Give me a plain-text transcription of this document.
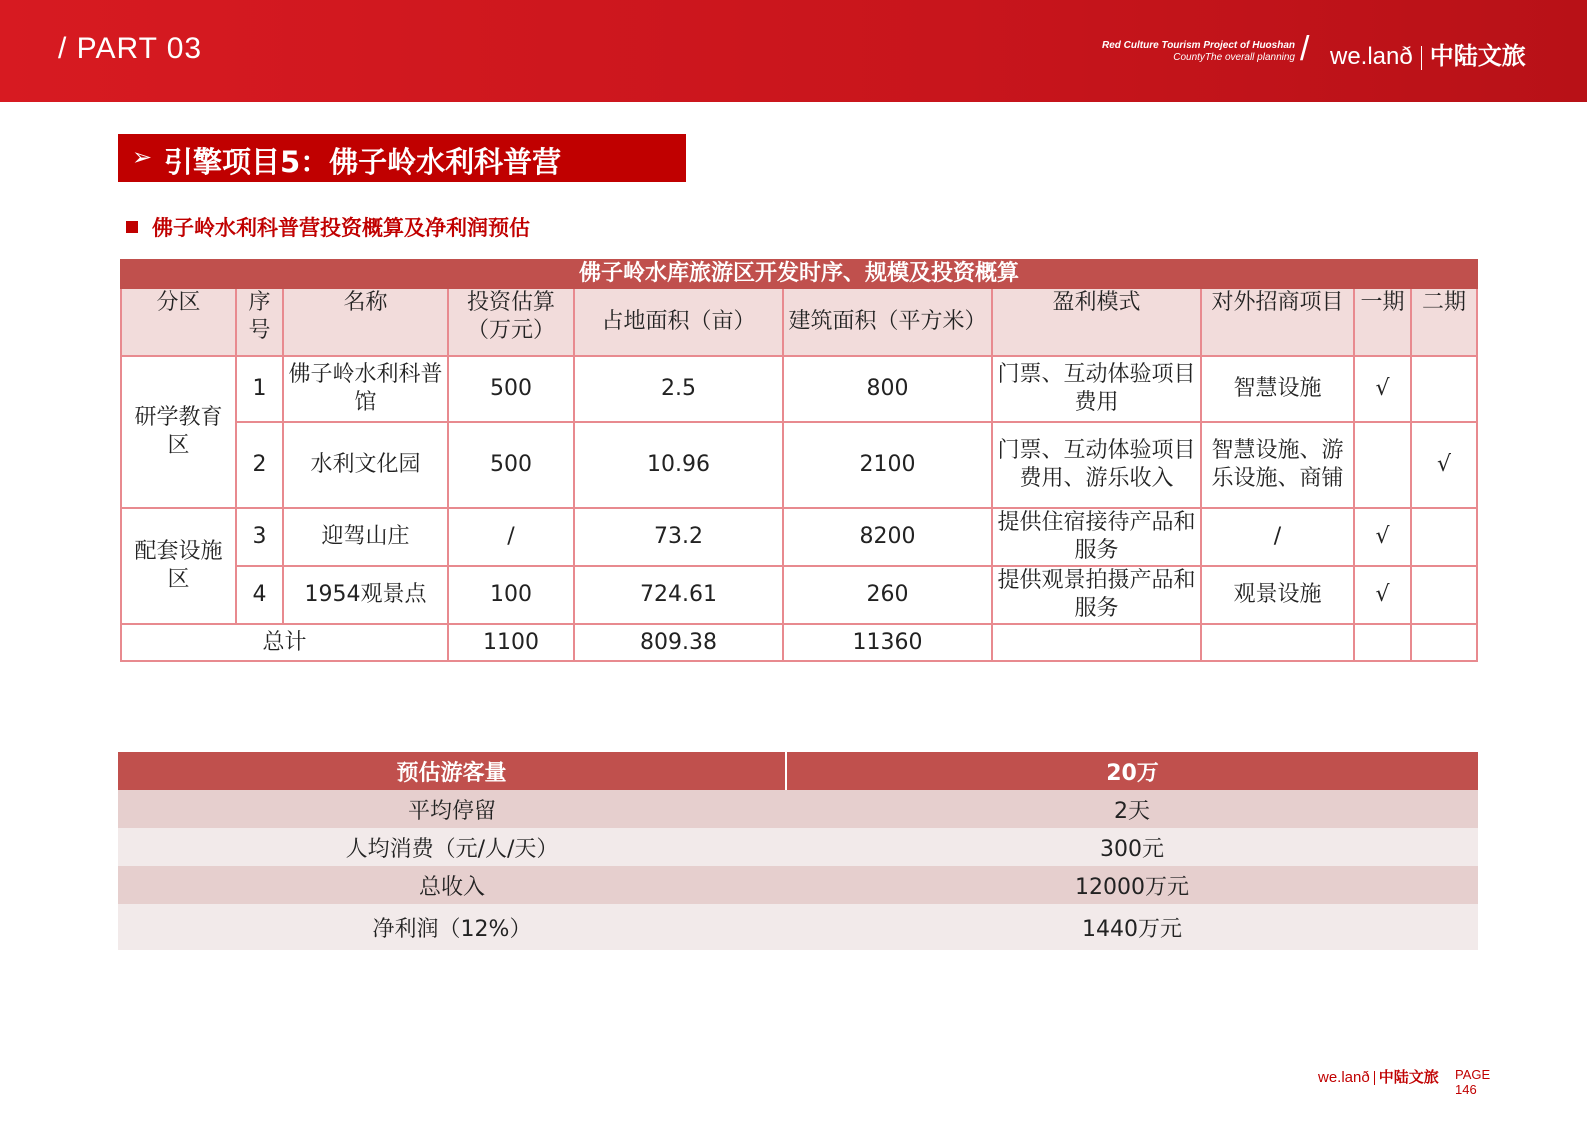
/ PART 03	Red Culture Tourism Project of Huoshan
CountyThe overall planning / we.lanð 中陆文旅
➢ 引擎项目5：佛子岭水利科普营
佛子岭水利科普营投资概算及净利润预估
佛子岭水库旅游区开发时序、规模及投资概算									
分区	序号	名称	投资估算（万元）	占地面积（亩）	建筑面积（平方米）	盈利模式	对外招商项目	一期	二期
研学教育区	1	佛子岭水利科普馆	500	2.5	800	门票、互动体验项目费用	智慧设施	√	
	2	水利文化园	500	10.96	2100	门票、互动体验项目费用、游乐收入	智慧设施、游乐设施、商铺		√
配套设施区	3	迎驾山庄	/	73.2	8200	提供住宿接待产品和服务	/	√	
	4	1954观景点	100	724.61	260	提供观景拍摄产品和服务	观景设施	√	
总计			1100	809.38	11360				
预估游客量	20万
平均停留	2天
人均消费（元/人/天）	300元
总收入	12000万元
净利润（12%）	1440万元
we.lanð 中陆文旅 PAGE
146
